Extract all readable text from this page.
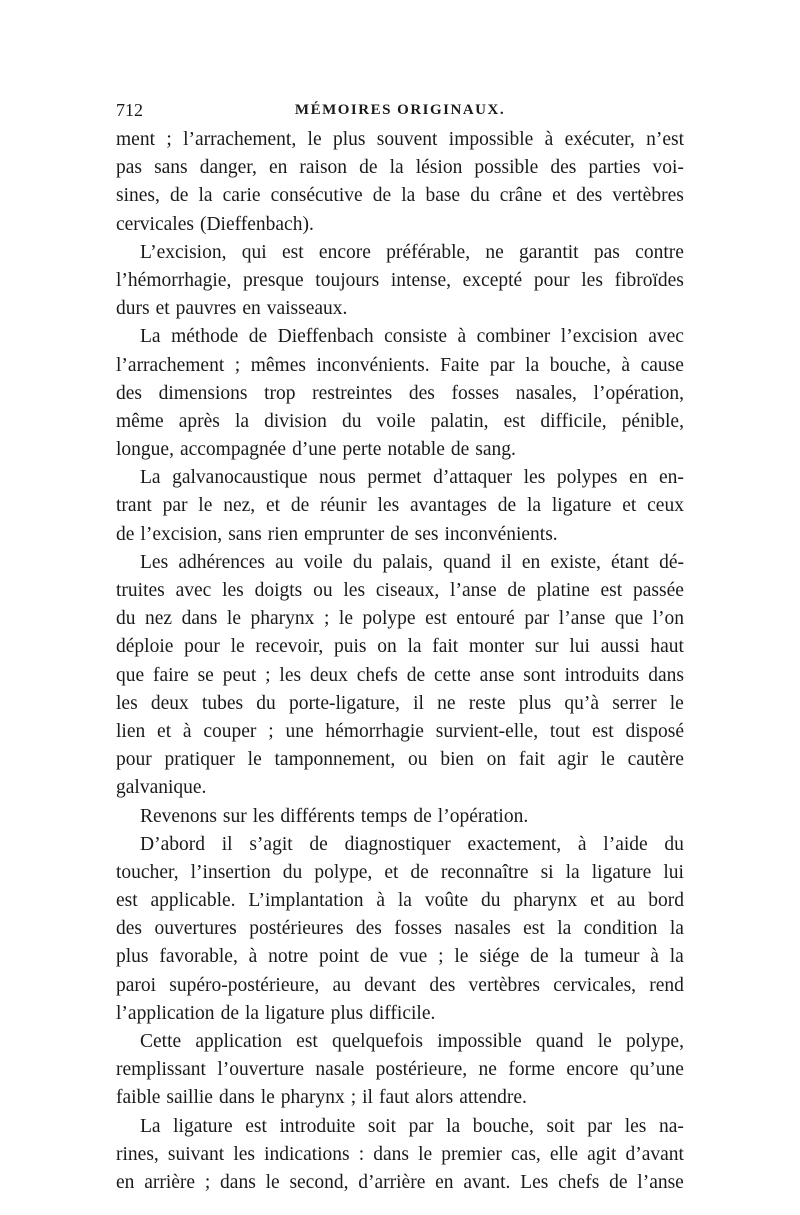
712	MÉMOIRES ORIGINAUX.
ment ; l’arrachement, le plus souvent impossible à exécuter, n’est
pas sans danger, en raison de la lésion possible des parties voi-
sines, de la carie consécutive de la base du crâne et des vertèbres
cervicales (Dieffenbach).
L’excision, qui est encore préférable, ne garantit pas contre
l’hémorrhagie, presque toujours intense, excepté pour les fibroïdes
durs et pauvres en vaisseaux.
La méthode de Dieffenbach consiste à combiner l’excision avec
l’arrachement ; mêmes inconvénients. Faite par la bouche, à cause
des dimensions trop restreintes des fosses nasales, l’opération,
même après la division du voile palatin, est difficile, pénible,
longue, accompagnée d’une perte notable de sang.
La galvanocaustique nous permet d’attaquer les polypes en en-
trant par le nez, et de réunir les avantages de la ligature et ceux
de l’excision, sans rien emprunter de ses inconvénients.
Les adhérences au voile du palais, quand il en existe, étant dé-
truites avec les doigts ou les ciseaux, l’anse de platine est passée
du nez dans le pharynx ; le polype est entouré par l’anse que l’on
déploie pour le recevoir, puis on la fait monter sur lui aussi haut
que faire se peut ; les deux chefs de cette anse sont introduits dans
les deux tubes du porte-ligature, il ne reste plus qu’à serrer le
lien et à couper ; une hémorrhagie survient-elle, tout est disposé
pour pratiquer le tamponnement, ou bien on fait agir le cautère
galvanique.
Revenons sur les différents temps de l’opération.
D’abord il s’agit de diagnostiquer exactement, à l’aide du
toucher, l’insertion du polype, et de reconnaître si la ligature lui
est applicable. L’implantation à la voûte du pharynx et au bord
des ouvertures postérieures des fosses nasales est la condition la
plus favorable, à notre point de vue ; le siége de la tumeur à la
paroi supéro-postérieure, au devant des vertèbres cervicales, rend
l’application de la ligature plus difficile.
Cette application est quelquefois impossible quand le polype,
remplissant l’ouverture nasale postérieure, ne forme encore qu’une
faible saillie dans le pharynx ; il faut alors attendre.
La ligature est introduite soit par la bouche, soit par les na-
rines, suivant les indications : dans le premier cas, elle agit d’avant
en arrière ; dans le second, d’arrière en avant. Les chefs de l’anse
